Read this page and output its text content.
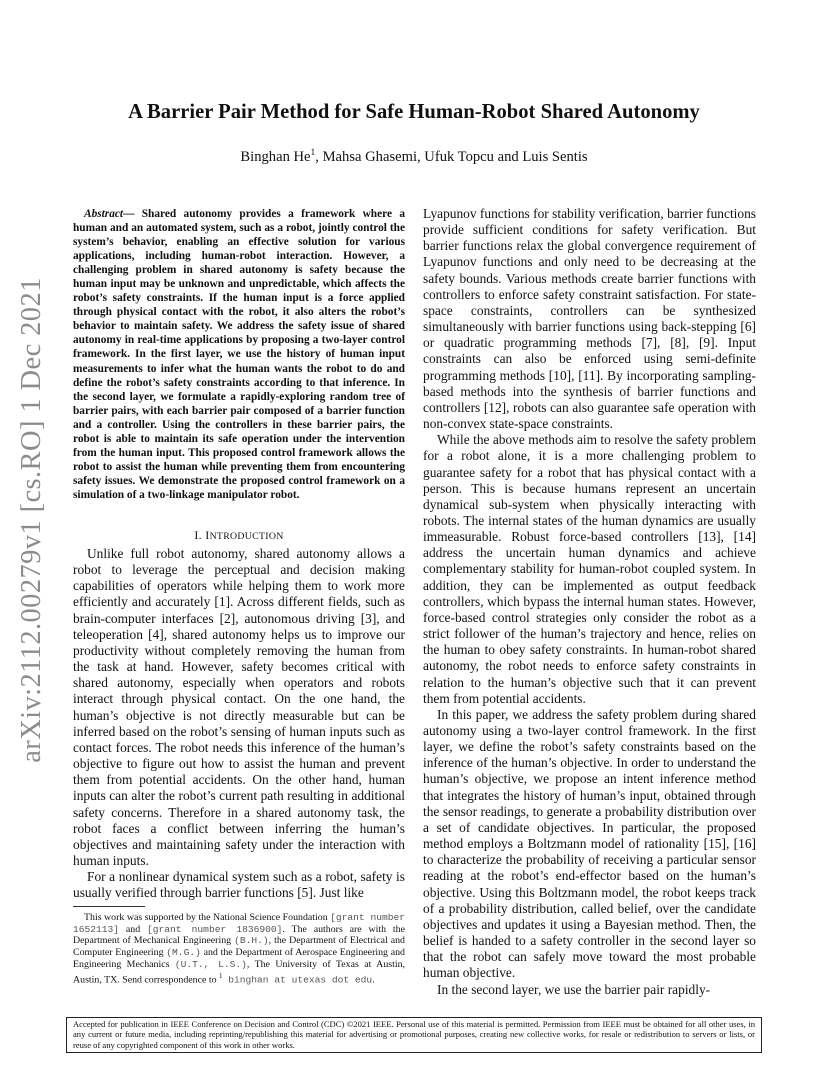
arXiv:2112.00279v1 [cs.RO] 1 Dec 2021
A Barrier Pair Method for Safe Human-Robot Shared Autonomy
Binghan He$^1$, Mahsa Ghasemi, Ufuk Topcu and Luis Sentis

Abstract— Shared autonomy provides a framework where a human and an automated system, such as a robot, jointly control the system’s behavior, enabling an effective solution for various applications, including human-robot interaction. However, a challenging problem in shared autonomy is safety because the human input may be unknown and unpredictable, which affects the robot’s safety constraints. If the human input is a force applied through physical contact with the robot, it also alters the robot’s behavior to maintain safety. We address the safety issue of shared autonomy in real-time applications by proposing a two-layer control framework. In the first layer, we use the history of human input measurements to infer what the human wants the robot to do and define the robot’s safety constraints according to that inference. In the second layer, we formulate a rapidly-exploring random tree of barrier pairs, with each barrier pair composed of a barrier function and a controller. Using the controllers in these barrier pairs, the robot is able to maintain its safe operation under the intervention from the human input. This proposed control framework allows the robot to assist the human while preventing them from encountering safety issues. We demonstrate the proposed control framework on a simulation of a two-linkage manipulator robot.

I. INTRODUCTION

Unlike full robot autonomy, shared autonomy allows a robot to leverage the perceptual and decision making capabilities of operators while helping them to work more efficiently and accurately [1]. Across different fields, such as brain-computer interfaces [2], autonomous driving [3], and teleoperation [4], shared autonomy helps us to improve our productivity without completely removing the human from the task at hand. However, safety becomes critical with shared autonomy, especially when operators and robots interact through physical contact. On the one hand, the human’s objective is not directly measurable but can be inferred based on the robot’s sensing of human inputs such as contact forces. The robot needs this inference of the human’s objective to figure out how to assist the human and prevent them from potential accidents. On the other hand, human inputs can alter the robot’s current path resulting in additional safety concerns. Therefore in a shared autonomy task, the robot faces a conflict between inferring the human’s objectives and maintaining safety under the interaction with human inputs.

For a nonlinear dynamical system such as a robot, safety is usually verified through barrier functions [5]. Just like

This work was supported by the National Science Foundation [grant number 1652113] and [grant number 1836900]. The authors are with the Department of Mechanical Engineering (B.H.), the Department of Electrical and Computer Engineering (M.G.) and the Department of Aerospace Engineering and Engineering Mechanics (U.T., L.S.), The University of Texas at Austin, Austin, TX. Send correspondence to $^1$ binghan at utexas dot edu.

Lyapunov functions for stability verification, barrier functions provide sufficient conditions for safety verification. But barrier functions relax the global convergence requirement of Lyapunov functions and only need to be decreasing at the safety bounds. Various methods create barrier functions with controllers to enforce safety constraint satisfaction. For state-space constraints, controllers can be synthesized simultaneously with barrier functions using back-stepping [6] or quadratic programming methods [7], [8], [9]. Input constraints can also be enforced using semi-definite programming methods [10], [11]. By incorporating sampling-based methods into the synthesis of barrier functions and controllers [12], robots can also guarantee safe operation with non-convex state-space constraints.

While the above methods aim to resolve the safety problem for a robot alone, it is a more challenging problem to guarantee safety for a robot that has physical contact with a person. This is because humans represent an uncertain dynamical sub-system when physically interacting with robots. The internal states of the human dynamics are usually immeasurable. Robust force-based controllers [13], [14] address the uncertain human dynamics and achieve complementary stability for human-robot coupled system. In addition, they can be implemented as output feedback controllers, which bypass the internal human states. However, force-based control strategies only consider the robot as a strict follower of the human’s trajectory and hence, relies on the human to obey safety constraints. In human-robot shared autonomy, the robot needs to enforce safety constraints in relation to the human’s objective such that it can prevent them from potential accidents.

In this paper, we address the safety problem during shared autonomy using a two-layer control framework. In the first layer, we define the robot’s safety constraints based on the inference of the human’s objective. In order to understand the human’s objective, we propose an intent inference method that integrates the history of human’s input, obtained through the sensor readings, to generate a probability distribution over a set of candidate objectives. In particular, the proposed method employs a Boltzmann model of rationality [15], [16] to characterize the probability of receiving a particular sensor reading at the robot’s end-effector based on the human’s objective. Using this Boltzmann model, the robot keeps track of a probability distribution, called belief, over the candidate objectives and updates it using a Bayesian method. Then, the belief is handed to a safety controller in the second layer so that the robot can safely move toward the most probable human objective.

In the second layer, we use the barrier pair rapidly-

Accepted for publication in IEEE Conference on Decision and Control (CDC) ©2021 IEEE. Personal use of this material is permitted. Permission from IEEE must be obtained for all other uses, in any current or future media, including reprinting/republishing this material for advertising or promotional purposes, creating new collective works, for resale or redistribution to servers or lists, or reuse of any copyrighted component of this work in other works.
